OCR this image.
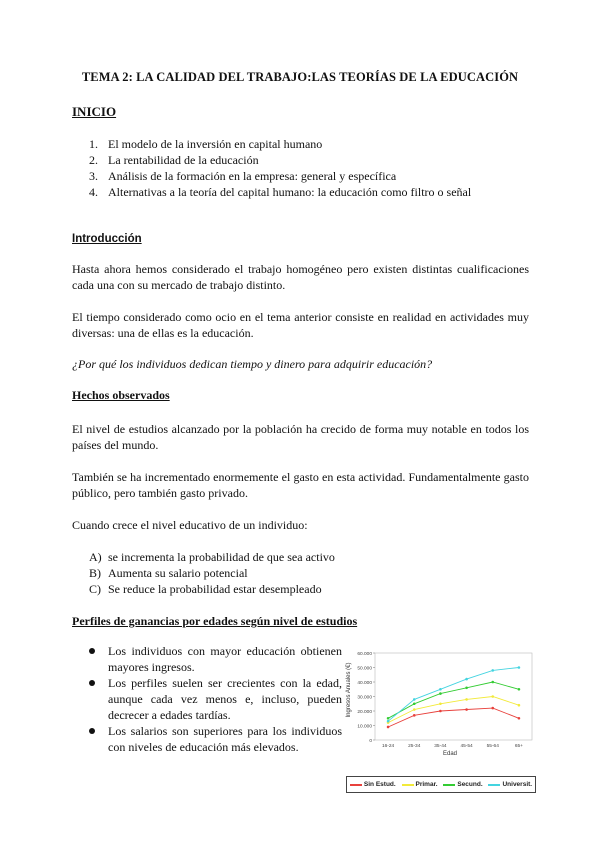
TEMA 2: LA CALIDAD DEL TRABAJO:LAS TEORÍAS DE LA EDUCACIÓN
INICIO
1. El modelo de la inversión en capital humano
2. La rentabilidad de la educación
3. Análisis de la formación en la empresa: general y específica
4. Alternativas a la teoría del capital humano: la educación como filtro o señal
Introducción
Hasta ahora hemos considerado el trabajo homogéneo pero existen distintas cualificaciones cada una con su mercado de trabajo distinto.
El tiempo considerado como ocio en el tema anterior consiste en realidad en actividades muy diversas: una de ellas es la educación.
¿Por qué los individuos dedican tiempo y dinero para adquirir educación?
Hechos observados
El nivel de estudios alcanzado por la población ha crecido de forma muy notable en todos los países del mundo.
También se ha incrementado enormemente el gasto en esta actividad. Fundamentalmente gasto público, pero también gasto privado.
Cuando crece el nivel educativo de un individuo:
A) se incrementa la probabilidad de que sea activo
B) Aumenta su salario potencial
C) Se reduce la probabilidad estar desempleado
Perfiles de ganancias por edades según nivel de estudios
Los individuos con mayor educación obtienen mayores ingresos.
Los perfiles suelen ser crecientes con la edad, aunque cada vez menos e, incluso, pueden decrecer a edades tardías.
Los salarios son superiores para los individuos con niveles de educación más elevados.	0
10.000
20.000
30.000
40.000
50.000
60.000
16-24	25-34	35-44	45-54	55-64	65+
Ingresos Anuales (€)
Edad
Sin Estud.	Primar.	Secund.	Universit.
